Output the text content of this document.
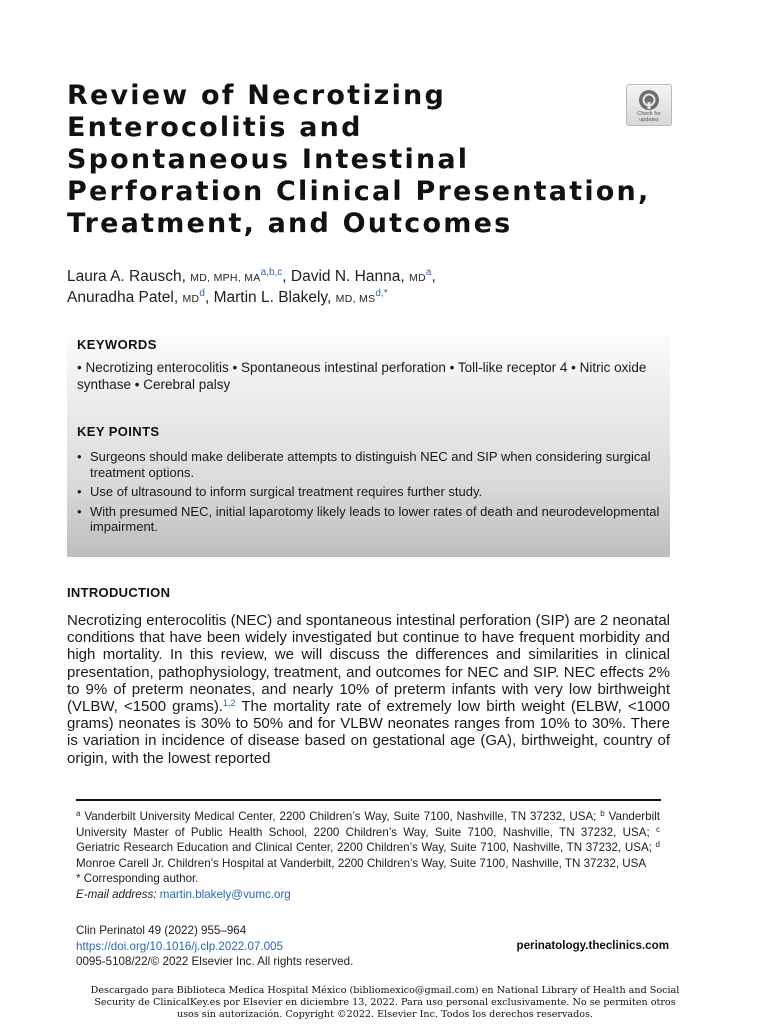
Review of Necrotizing
Enterocolitis and
Spontaneous Intestinal
Perforation Clinical Presentation,
Treatment, and Outcomes
Check for
updates
Laura A. Rausch, MD, MPH, MA$^{a,b,c}$, David N. Hanna, $MD^a$,
Anuradha Patel, $MD^d$, Martin L. Blakely, MD, $MS^{d,*}$
KEYWORDS
• Necrotizing enterocolitis • Spontaneous intestinal perforation • Toll-like receptor 4 • Nitric oxide synthase • Cerebral palsy
KEY POINTS
• Surgeons should make deliberate attempts to distinguish NEC and SIP when considering surgical treatment options.
• Use of ultrasound to inform surgical treatment requires further study.
• With presumed NEC, initial laparotomy likely leads to lower rates of death and neurodevelopmental impairment.
INTRODUCTION

Necrotizing enterocolitis (NEC) and spontaneous intestinal perforation (SIP) are 2 neonatal conditions that have been widely investigated but continue to have frequent morbidity and high mortality. In this review, we will discuss the differences and similarities in clinical presentation, pathophysiology, treatment, and outcomes for NEC and SIP. NEC effects 2% to 9% of preterm neonates, and nearly 10% of preterm infants with very low birthweight (VLBW, <1500 grams).$^{1,2}$ The mortality rate of extremely low birth weight (ELBW, <1000 grams) neonates is 30% to 50% and for VLBW neonates ranges from 10% to 30%. There is variation in incidence of disease based on gestational age (GA), birthweight, country of origin, with the lowest reported

$^a$ Vanderbilt University Medical Center, 2200 Children’s Way, Suite 7100, Nashville, TN 37232, USA; $^b$ Vanderbilt University Master of Public Health School, 2200 Children’s Way, Suite 7100, Nashville, TN 37232, USA; $^c$ Geriatric Research Education and Clinical Center, 2200 Children’s Way, Suite 7100, Nashville, TN 37232, USA; $^d$ Monroe Carell Jr. Children’s Hospital at Vanderbilt, 2200 Children’s Way, Suite 7100, Nashville, TN 37232, USA
* Corresponding author.
E-mail address: martin.blakely@vumc.org
Clin Perinatol 49 (2022) 955–964
https://doi.org/10.1016/j.clp.2022.07.005
0095-5108/22/© 2022 Elsevier Inc. All rights reserved.
perinatology.theclinics.com
Descargado para Biblioteca Medica Hospital México (bibliomexico@gmail.com) en National Library of Health and Social Security de ClinicalKey.es por Elsevier en diciembre 13, 2022. Para uso personal exclusivamente. No se permiten otros usos sin autorización. Copyright ©2022. Elsevier Inc. Todos los derechos reservados.
